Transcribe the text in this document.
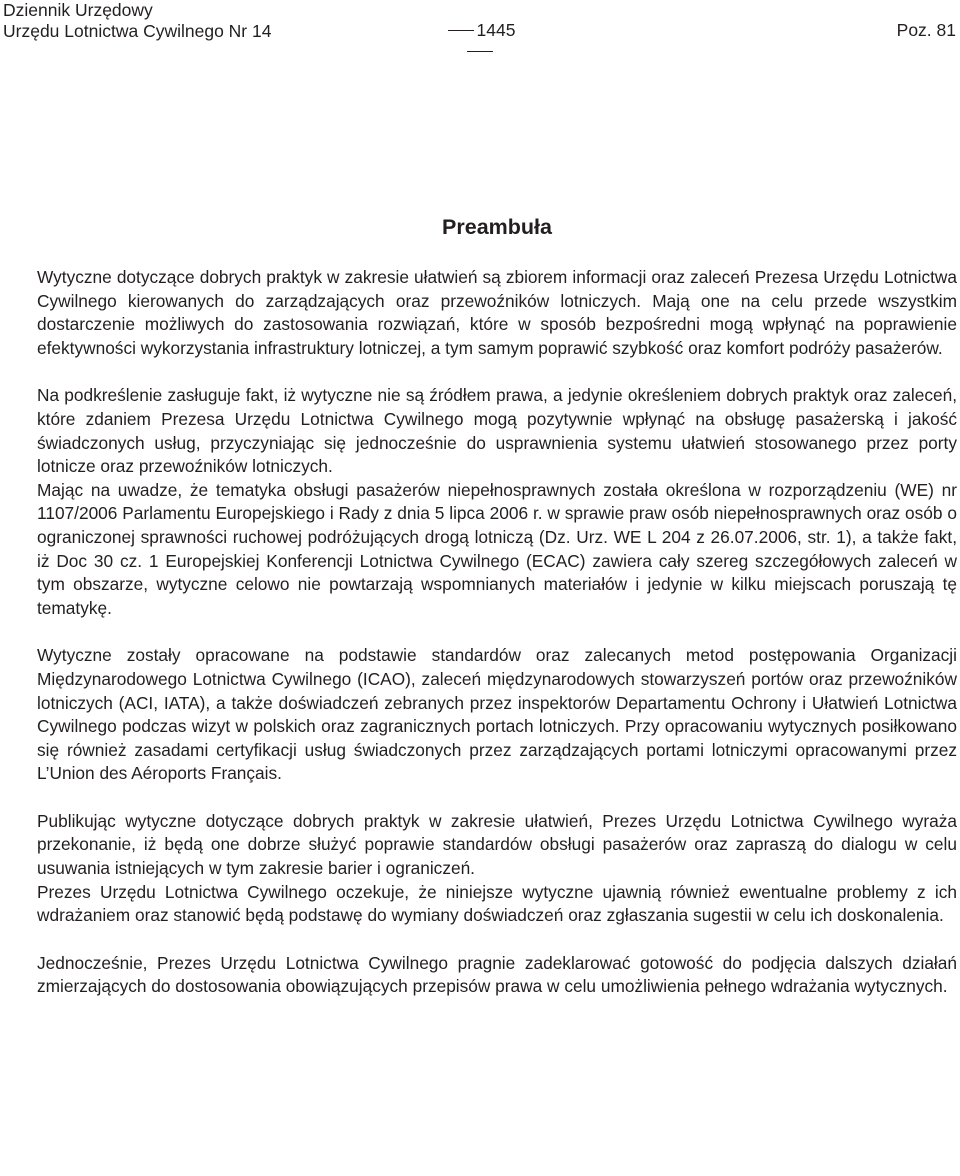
Dziennik Urzędowy
Urzędu Lotnictwa Cywilnego Nr 14	1445	Poz. 81
Preambuła

Wytyczne dotyczące dobrych praktyk w zakresie ułatwień są zbiorem informacji oraz zaleceń Prezesa Urzędu Lotnictwa Cywilnego kierowanych do zarządzających oraz przewoźników lotniczych. Mają one na celu przede wszystkim dostarczenie możliwych do zastosowania rozwiązań, które w sposób bezpośredni mogą wpłynąć na poprawienie efektywności wykorzystania infrastruktury lotniczej, a tym samym poprawić szybkość oraz komfort podróży pasażerów.

Na podkreślenie zasługuje fakt, iż wytyczne nie są źródłem prawa, a jedynie określeniem dobrych praktyk oraz zaleceń, które zdaniem Prezesa Urzędu Lotnictwa Cywilnego mogą pozytywnie wpłynąć na obsługę pasażerską i jakość świadczonych usług, przyczyniając się jednocześnie do usprawnienia systemu ułatwień stosowanego przez porty lotnicze oraz przewoźników lotniczych.

Mając na uwadze, że tematyka obsługi pasażerów niepełnosprawnych została określona w rozporządzeniu (WE) nr 1107/2006 Parlamentu Europejskiego i Rady z dnia 5 lipca 2006 r. w sprawie praw osób niepełnosprawnych oraz osób o ograniczonej sprawności ruchowej podróżujących drogą lotniczą (Dz. Urz. WE L 204 z 26.07.2006, str. 1), a także fakt, iż Doc 30 cz. 1 Europejskiej Konferencji Lotnictwa Cywilnego (ECAC) zawiera cały szereg szczegółowych zaleceń w tym obszarze, wytyczne celowo nie powtarzają wspomnianych materiałów i jedynie w kilku miejscach poruszają tę tematykę.

Wytyczne zostały opracowane na podstawie standardów oraz zalecanych metod postępowania Organizacji Międzynarodowego Lotnictwa Cywilnego (ICAO), zaleceń międzynarodowych stowarzyszeń portów oraz przewoźników lotniczych (ACI, IATA), a także doświadczeń zebranych przez inspektorów Departamentu Ochrony i Ułatwień Lotnictwa Cywilnego podczas wizyt w polskich oraz zagranicznych portach lotniczych. Przy opracowaniu wytycznych posiłkowano się również zasadami certyfikacji usług świadczonych przez zarządzających portami lotniczymi opracowanymi przez L’Union des Aéroports Français.

Publikując wytyczne dotyczące dobrych praktyk w zakresie ułatwień, Prezes Urzędu Lotnictwa Cywilnego wyraża przekonanie, iż będą one dobrze służyć poprawie standardów obsługi pasażerów oraz zapraszą do dialogu w celu usuwania istniejących w tym zakresie barier i ograniczeń.

Prezes Urzędu Lotnictwa Cywilnego oczekuje, że niniejsze wytyczne ujawnią również ewentualne problemy z ich wdrażaniem oraz stanowić będą podstawę do wymiany doświadczeń oraz zgłaszania sugestii w celu ich doskonalenia.

Jednocześnie, Prezes Urzędu Lotnictwa Cywilnego pragnie zadeklarować gotowość do podjęcia dalszych działań zmierzających do dostosowania obowiązujących przepisów prawa w celu umożliwienia pełnego wdrażania wytycznych.
